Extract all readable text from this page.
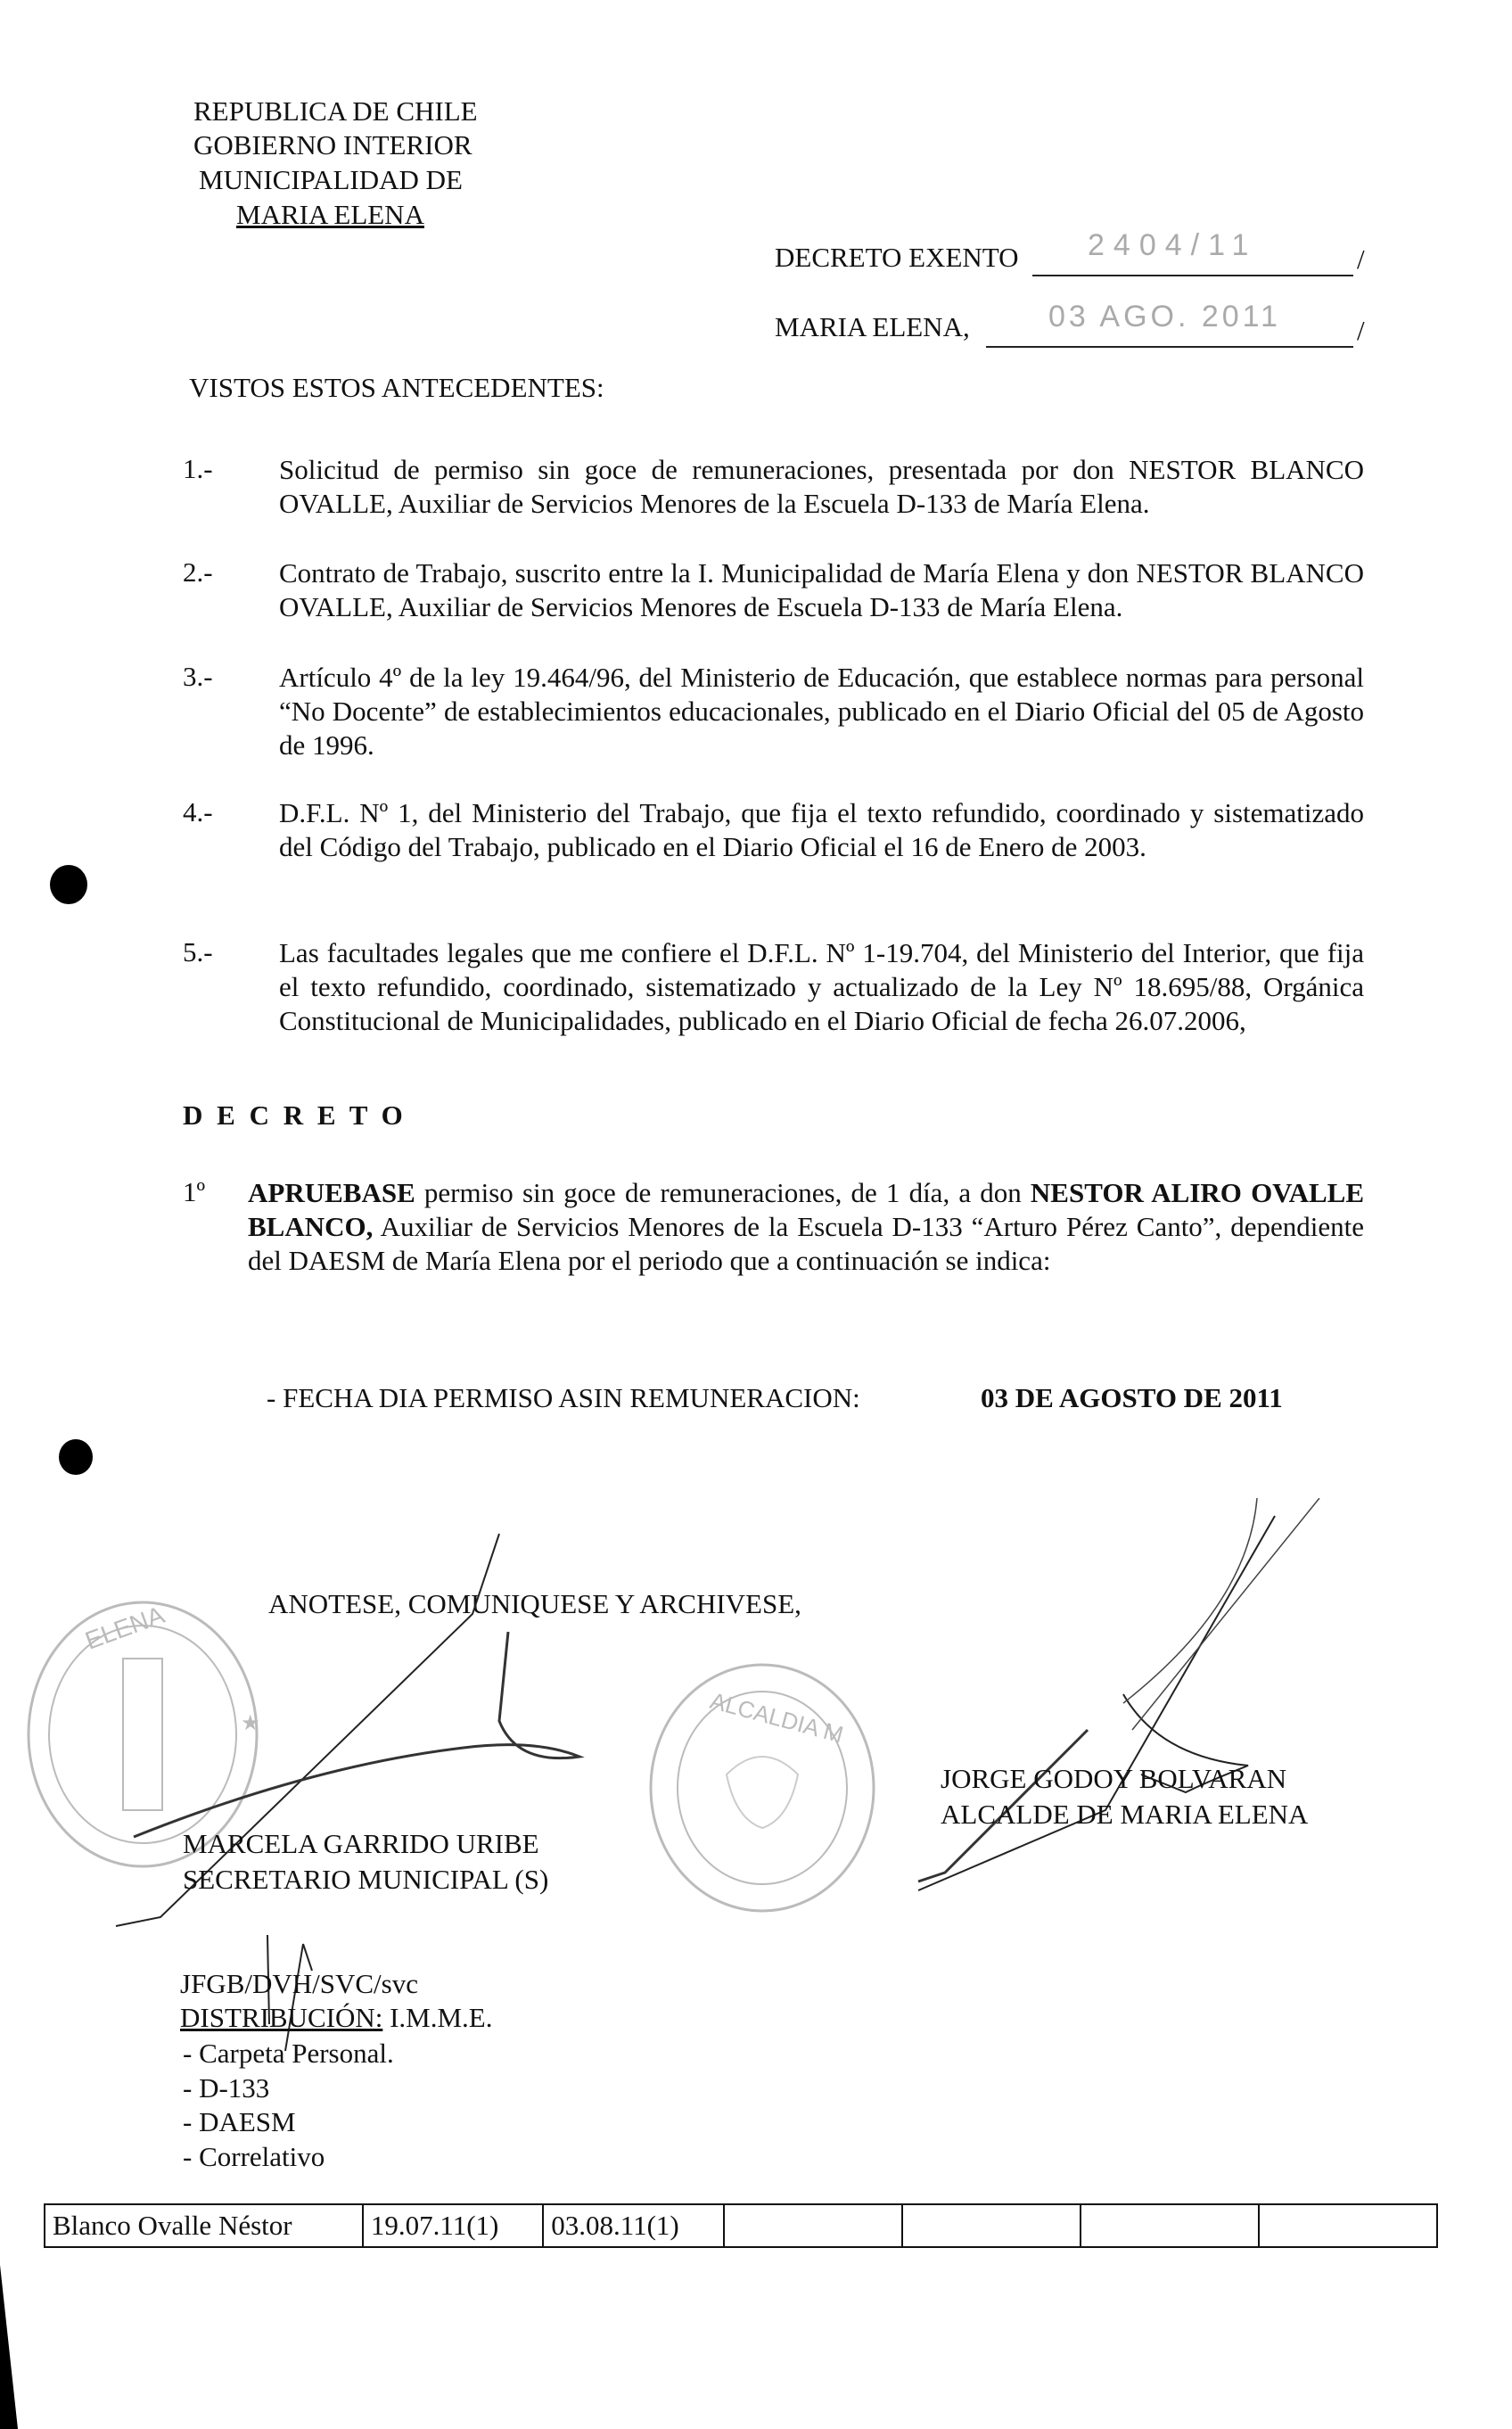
REPUBLICA DE CHILE
GOBIERNO INTERIOR
MUNICIPALIDAD DE
MARIA ELENA
DECRETO EXENTO 2404/11	/
MARIA ELENA,	03 AGO. 2011	/
VISTOS ESTOS ANTECEDENTES:
1.- Solicitud de permiso sin goce de remuneraciones, presentada por don NESTOR BLANCO OVALLE, Auxiliar de Servicios Menores de la Escuela D-133 de María Elena.
2.- Contrato de Trabajo, suscrito entre la I. Municipalidad de María Elena y don NESTOR BLANCO OVALLE, Auxiliar de Servicios Menores de Escuela D-133 de María Elena.
3.- Artículo 4º de la ley 19.464/96, del Ministerio de Educación, que establece normas para personal “No Docente” de establecimientos educacionales, publicado en el Diario Oficial del 05 de Agosto de 1996.
4.- D.F.L. Nº 1, del Ministerio del Trabajo, que fija el texto refundido, coordinado y sistematizado del Código del Trabajo, publicado en el Diario Oficial el 16 de Enero de 2003.
5.- Las facultades legales que me confiere el D.F.L. Nº 1-19.704, del Ministerio del Interior, que fija el texto refundido, coordinado, sistematizado y actualizado de la Ley Nº 18.695/88, Orgánica Constitucional de Municipalidades, publicado en el Diario Oficial de fecha 26.07.2006,
D E C R E T O
1º APRUEBASE permiso sin goce de remuneraciones, de 1 día, a don NESTOR ALIRO OVALLE BLANCO, Auxiliar de Servicios Menores de la Escuela D-133 “Arturo Pérez Canto”, dependiente del DAESM de María Elena por el periodo que a continuación se indica:
- FECHA DIA PERMISO ASIN REMUNERACION:	03 DE AGOSTO DE 2011
ANOTESE, COMUNIQUESE Y ARCHIVESE,
ELENA
★	ALCALDIA M
JORGE GODOY BOLVARAN
ALCALDE DE MARIA ELENA
MARCELA GARRIDO URIBE
SECRETARIO MUNICIPAL (S)
JFGB/DVH/SVC/svc
DISTRIBUCIÓN: I.M.M.E.
- Carpeta Personal.
- D-133
- DAESM
- Correlativo
Blanco Ovalle Néstor	19.07.11(1)	03.08.11(1)				
